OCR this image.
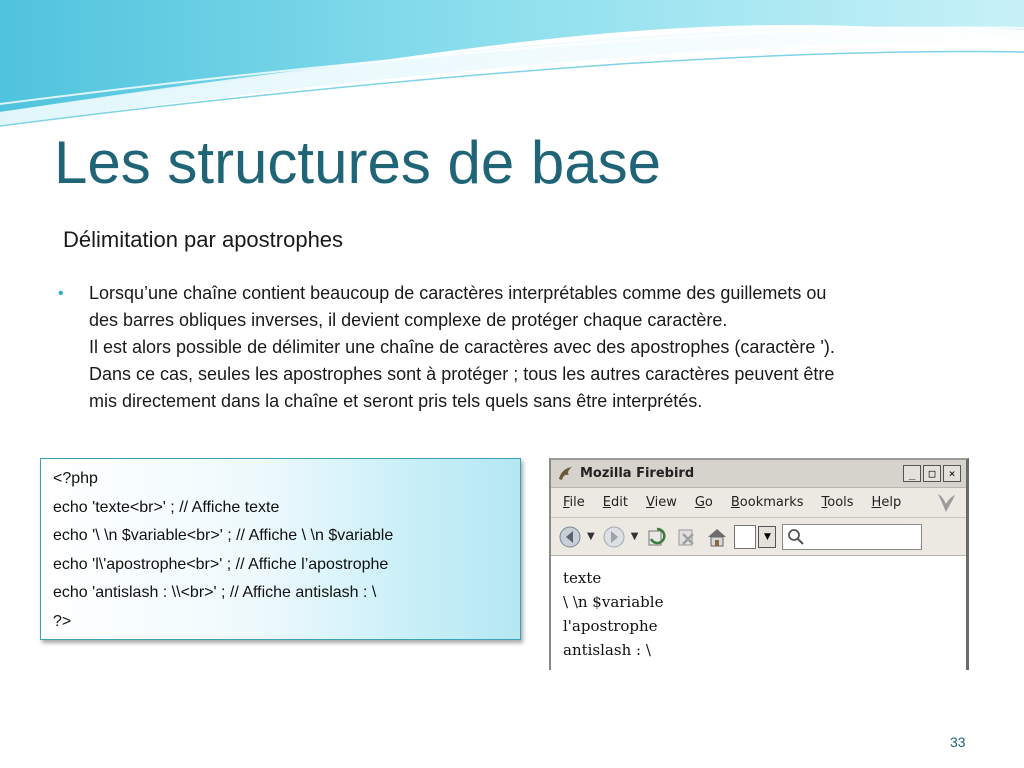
Les structures de base
Délimitation par apostrophes
• Lorsqu’une chaîne contient beaucoup de caractères interprétables comme des guillemets ou
des barres obliques inverses, il devient complexe de protéger chaque caractère.
Il est alors possible de délimiter une chaîne de caractères avec des apostrophes (caractère ').
Dans ce cas, seules les apostrophes sont à protéger ; tous les autres caractères peuvent être
mis directement dans la chaîne et seront pris tels quels sans être interprétés.
<?php
echo 'texte<br>' ; // Affiche texte
echo '\ \n $variable<br>' ; // Affiche \ \n $variable
echo 'l\'apostrophe<br>' ; // Affiche l’apostrophe
echo 'antislash : \\<br>' ; // Affiche antislash : \
?>
Mozilla Firebird	_	□	×
File Edit View Go Bookmarks Tools Help
▼	▼	▼
texte
\ \n $variable
l'apostrophe
antislash : \
33
